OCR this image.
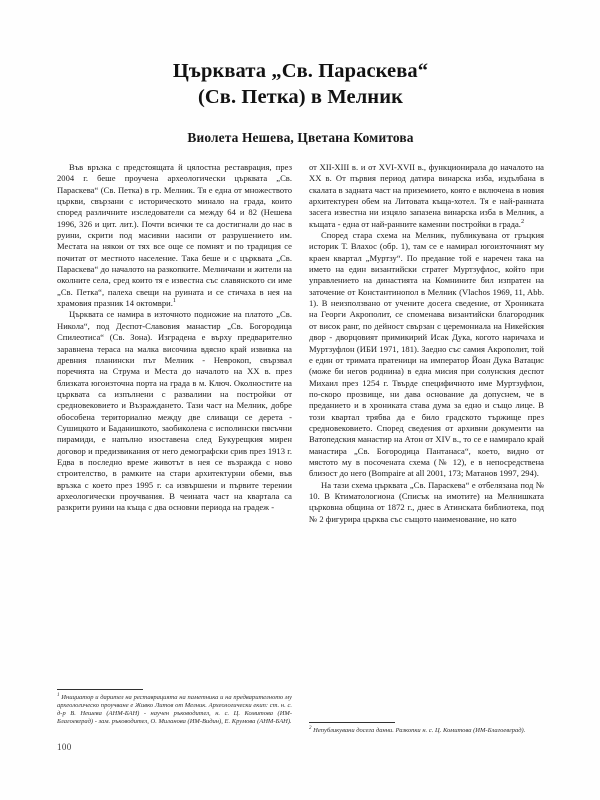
Църквата „Св. Параскева“
(Св. Петка) в Мелник
Виолета Нешева, Цветана Комитова

Във връзка с предстоящата й цялостна реставрация, през 2004 г. беше проучена археологически църквата „Св. Параскева“ (Св. Петка) в гр. Мелник. Тя е една от множеството църкви, свързани с историческото минало на града, които според различните изследователи са между 64 и 82 (Нешева 1996, 326 и цит. лит.). Почти всички те са достигнали до нас в руини, скрити под масивни насипи от разрушението им. Местата на някои от тях все още се помнят и по традиция се почитат от местното население. Така беше и с църквата „Св. Параскева“ до началото на разкопките. Мелничани и жители на околните села, сред които тя е известна със славянското си име „Св. Петка“, палеха свещи на руината и се стичаха в нея на храмовия празник 14 октомври.$^1$

Църквата се намира в източното подножие на платото „Св. Никола“, под Деспот-Славовия манастир „Св. Богородица Спилеотиса“ (Св. Зона). Изградена е върху предварително заравнена тераса на малка височина вдясно край извивка на древния планински път Мелник - Неврокоп, свързвал поречията на Струма и Места до началото на XX в. през близката югоизточна порта на града в м. Ключ. Околностите на църквата са изпълнени с развалини на постройки от средновековието и Възраждането. Тази част на Мелник, добре обособена териториално между две сливащи се дерета - Сушицкото и Баданишкото, заобиколена с исполински пясъчни пирамиди, е напълно изоставена след Букурещкия мирен договор и предизвикания от него демографски срив през 1913 г. Едва в последно време животът в нея се възражда с ново строителство, в рамките на стари архитектурни обеми, във връзка с което през 1995 г. са извършени и първите терении археологически проучвания. В чеината част на квартала са разкрити руини на къща с два основни периода на градеж -

$^1$ Инициатор и дарител на реставрацията на паметника и на предварителното му археологическо проучване е Живко Литов от Мелник. Археологически екип: ст. н. с. д-р В. Нешева (АНМ-БАН) - научен ръководител, н. с. Ц. Комитова (ИМ-Благоевград) - зам. ръководител, О. Миланова (ИМ-Видин), Е. Крумова (АНМ-БАН).

от XII-XIII в. и от XVI-XVII в., функционирала до началото на XX в. От първия период датира винарска изба, издълбана в скалата в задната част на приземието, която е включена в новия архитектурен обем на Литовата къща-хотел. Тя е най-ранната засега известна ни изцяло запазена винарска изба в Мелник, а къщата - една от най-ранните каменни постройки в града.$^2$

Според стара схема на Мелник, публикувана от гръцкия историк Т. Влахос (обр. 1), там се е намирал югоизточният му краен квартал „Муртзу“. По предание той е наречен така на името на един византийски стратег Муртзуфлос, който при управлението на династията на Комнините бил изпратен на заточение от Константинопол в Мелник (Vlachos 1969, 11, Abb. 1). В неизползвано от учените досега сведение, от Хрониката на Георги Акрополит, се споменава византийски благородник от висок ранг, по дейност свързан с церемониала на Никейския двор - дворцовият примикирий Исак Дука, когото наричаха и Муртзуфлон (ИБИ 1971, 181). Заедно със самия Акрополит, той е един от тримата пратеници на император Йоан Дука Ватацис (може би негов роднина) в една мисия при солунския деспот Михаил през 1254 г. Твърде специфичното име Муртзуфлон, по-скоро прозвище, ни дава основание да допуснем, че в преданието и в хрониката става дума за едно и също лице. В този квартал трябва да е било градското тържище през средновековието. Според сведения от архивни документи на Ватопедския манастир на Атон от XIV в., то се е намирало край манастира „Св. Богородица Пантанаса“, което, видно от мястото му в посочената схема (№ 12), е в непосредствена близост до него (Bompaire at all 2001, 173; Матанов 1997, 294).

На тази схема църквата „Св. Параскева“ е отбелязана под № 10. В Ктиматологиона (Списък на имотите) на Мелнишката църковна община от 1872 г., днес в Атинската библиотека, под № 2 фигурира църква със същото наименование, но като

$^2$ Непубликувани досега данни. Разкопки н. с. Ц. Комитова (ИМ-Благоевград).
100
